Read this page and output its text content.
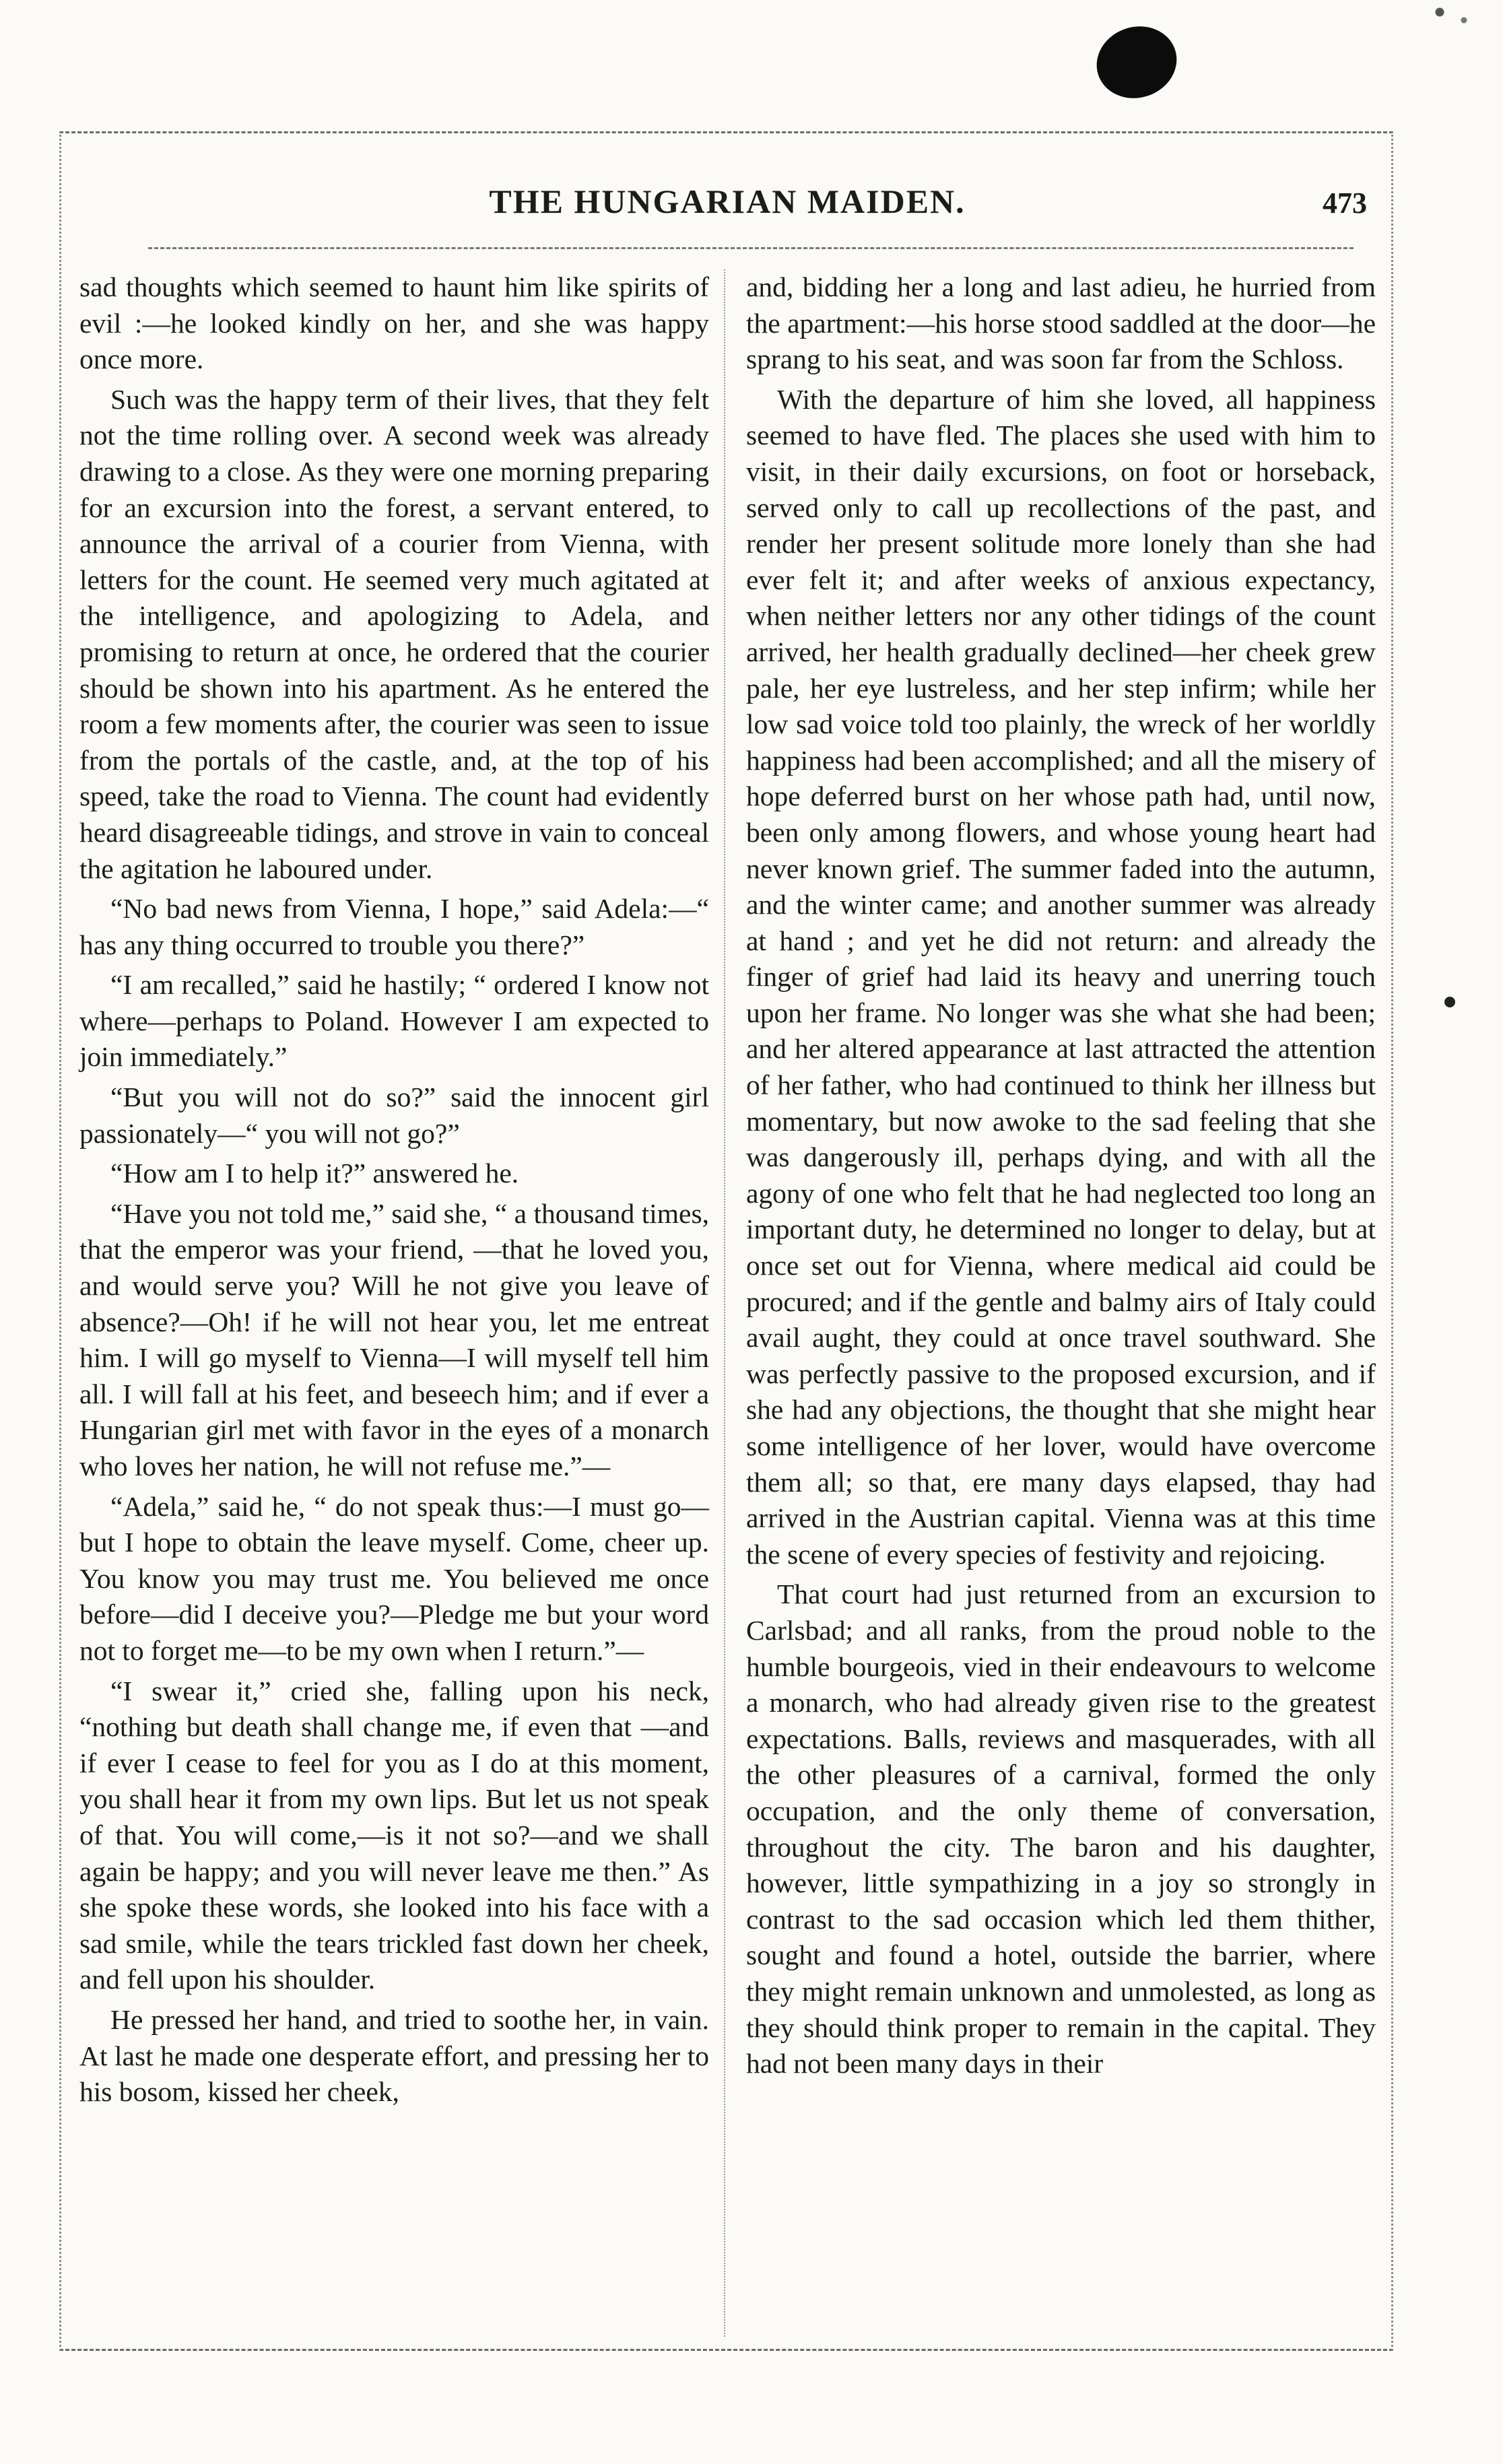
THE HUNGARIAN MAIDEN.	473

sad thoughts which seemed to haunt him like spirits of evil :—he looked kindly on her, and she was happy once more.

Such was the happy term of their lives, that they felt not the time rolling over. A second week was already drawing to a close. As they were one morning preparing for an excursion into the forest, a servant entered, to announce the arrival of a courier from Vienna, with letters for the count. He seemed very much agitated at the intelligence, and apologizing to Adela, and promising to return at once, he ordered that the courier should be shown into his apartment. As he entered the room a few moments after, the courier was seen to issue from the portals of the castle, and, at the top of his speed, take the road to Vienna. The count had evidently heard disagreeable tidings, and strove in vain to conceal the agitation he laboured under.

“No bad news from Vienna, I hope,” said Adela:—“ has any thing occurred to trouble you there?”

“I am recalled,” said he hastily; “ ordered I know not where—perhaps to Poland. However I am expected to join immediately.”

“But you will not do so?” said the innocent girl passionately—“ you will not go?”

“How am I to help it?” answered he.

“Have you not told me,” said she, “ a thousand times, that the emperor was your friend, —that he loved you, and would serve you? Will he not give you leave of absence?—Oh! if he will not hear you, let me entreat him. I will go myself to Vienna—I will myself tell him all. I will fall at his feet, and beseech him; and if ever a Hungarian girl met with favor in the eyes of a monarch who loves her nation, he will not refuse me.”—

“Adela,” said he, “ do not speak thus:—I must go—but I hope to obtain the leave myself. Come, cheer up. You know you may trust me. You believed me once before—did I deceive you?—Pledge me but your word not to forget me—to be my own when I return.”—

“I swear it,” cried she, falling upon his neck, “nothing but death shall change me, if even that —and if ever I cease to feel for you as I do at this moment, you shall hear it from my own lips. But let us not speak of that. You will come,—is it not so?—and we shall again be happy; and you will never leave me then.” As she spoke these words, she looked into his face with a sad smile, while the tears trickled fast down her cheek, and fell upon his shoulder.

He pressed her hand, and tried to soothe her, in vain. At last he made one desperate effort, and pressing her to his bosom, kissed her cheek,

and, bidding her a long and last adieu, he hurried from the apartment:—his horse stood saddled at the door—he sprang to his seat, and was soon far from the Schloss.

With the departure of him she loved, all happiness seemed to have fled. The places she used with him to visit, in their daily excursions, on foot or horseback, served only to call up recollections of the past, and render her present solitude more lonely than she had ever felt it; and after weeks of anxious expectancy, when neither letters nor any other tidings of the count arrived, her health gradually declined—her cheek grew pale, her eye lustreless, and her step infirm; while her low sad voice told too plainly, the wreck of her worldly happiness had been accomplished; and all the misery of hope deferred burst on her whose path had, until now, been only among flowers, and whose young heart had never known grief. The summer faded into the autumn, and the winter came; and another summer was already at hand ; and yet he did not return: and already the finger of grief had laid its heavy and unerring touch upon her frame. No longer was she what she had been; and her altered appearance at last attracted the attention of her father, who had continued to think her illness but momentary, but now awoke to the sad feeling that she was dangerously ill, perhaps dying, and with all the agony of one who felt that he had neglected too long an important duty, he determined no longer to delay, but at once set out for Vienna, where medical aid could be procured; and if the gentle and balmy airs of Italy could avail aught, they could at once travel southward. She was perfectly passive to the proposed excursion, and if she had any objections, the thought that she might hear some intelligence of her lover, would have overcome them all; so that, ere many days elapsed, thay had arrived in the Austrian capital. Vienna was at this time the scene of every species of festivity and rejoicing.

That court had just returned from an excursion to Carlsbad; and all ranks, from the proud noble to the humble bourgeois, vied in their endeavours to welcome a monarch, who had already given rise to the greatest expectations. Balls, reviews and masquerades, with all the other pleasures of a carnival, formed the only occupation, and the only theme of conversation, throughout the city. The baron and his daughter, however, little sympathizing in a joy so strongly in contrast to the sad occasion which led them thither, sought and found a hotel, outside the barrier, where they might remain unknown and unmolested, as long as they should think proper to remain in the capital. They had not been many days in their
